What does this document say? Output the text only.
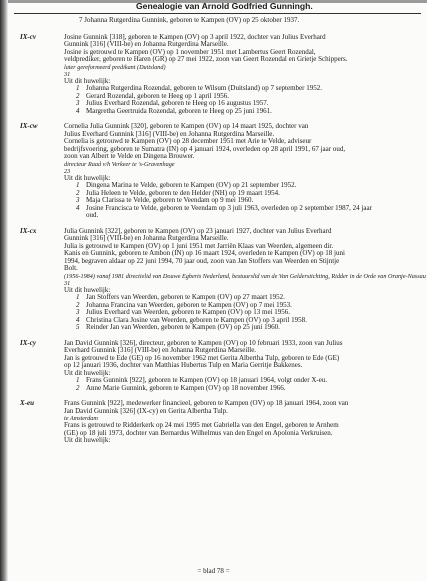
Genealogie van Arnold Godfried Gunningh.
7 Johanna Rutgerdina Gunnink, geboren te Kampen (OV) op 25 oktober 1937.
IX-cv	Josine Gunnink [318], geboren te Kampen (OV) op 3 april 1922, dochter van Julius Everhard
Gunnink [316] (VIII-be) en Johanna Rutgerdina Marseille.
Josine is getrouwd te Kampen (OV) op 1 november 1951 met Lambertus Geert Rozendal,
veldprediker, geboren te Haren (GR) op 27 mei 1922, zoon van Geert Rozendal en Grietje Schippers.
later gereformeerd predikant (Duitsland)
31
Uit dit huwelijk:
1 Johanna Rutgerdina Rozendal, geboren te Wilsum (Duitsland) op 7 september 1952.
2 Gerard Rozendal, geboren te Heeg op 1 april 1956.
3 Julius Everhard Rozendal, geboren te Heeg op 16 augustus 1957.
4 Margretha Geertruida Rozendal, geboren te Heeg op 25 juni 1961.
IX-cw	Cornelia Julia Gunnink [320], geboren te Kampen (OV) op 14 maart 1925, dochter van
Julius Everhard Gunnink [316] (VIII-be) en Johanna Rutgerdina Marseille.
Cornelia is getrouwd te Kampen (OV) op 28 december 1951 met Arie te Velde, adviseur
bedrijfsvoering, geboren te Sumatra (IN) op 4 januari 1924, overleden op 28 april 1991, 67 jaar oud,
zoon van Albert te Velde en Dingena Brouwer.
directeur Raad v/h Verkeer te 's-Gravenhage
23
Uit dit huwelijk:
1 Dingena Marina te Velde, geboren te Kampen (OV) op 21 september 1952.
2 Julia Heleen te Velde, geboren te den Helder (NH) op 19 maart 1954.
3 Maja Clarissa te Velde, geboren te Veendam op 9 mei 1960.
4 Josine Francisca te Velde, geboren te Veendam op 3 juli 1963, overleden op 2 september 1987, 24 jaar
oud.
IX-cx	Julia Gunnink [322], geboren te Kampen (OV) op 23 januari 1927, dochter van Julius Everhard
Gunnink [316] (VIII-be) en Johanna Rutgerdina Marseille.
Julia is getrouwd te Kampen (OV) op 1 juni 1951 met Jarriën Klaas van Weerden, algemeen dir.
Kanis en Gunnink, geboren te Ambon (IN) op 16 maart 1924, overleden te Kampen (OV) op 18 juni
1994, begraven aldaar op 22 juni 1994, 70 jaar oud, zoon van Jan Stoffers van Weerden en Stijntje
Bolt.
(1956-1984) vanaf 1981 directielid van Douwe Egberts Nederland, bestuurslid van de Van Gelderstichting, Ridder in de Orde van Oranje-Nassau
31
Uit dit huwelijk:
1 Jan Stoffers van Weerden, geboren te Kampen (OV) op 27 maart 1952.
2 Johanna Francina van Weerden, geboren te Kampen (OV) op 7 mei 1953.
3 Julius Everhard van Weerden, geboren te Kampen (OV) op 13 mei 1956.
4 Christina Clara Josine van Weerden, geboren te Kampen (OV) op 3 april 1958.
5 Reinder Jan van Weerden, geboren te Kampen (OV) op 25 juni 1960.
IX-cy	Jan David Gunnink [326], directeur, geboren te Kampen (OV) op 10 februari 1933, zoon van Julius
Everhard Gunnink [316] (VIII-be) en Johanna Rutgerdina Marseille.
Jan is getrouwd te Ede (GE) op 16 november 1962 met Gerita Albertha Tulp, geboren te Ede (GE)
op 12 januari 1936, dochter van Matthias Hubertus Tulp en Maria Gerritje Bakkenes.
Uit dit huwelijk:
1 Frans Gunnink [922], geboren te Kampen (OV) op 18 januari 1964, volgt onder X-eu.
2 Anne Marie Gunnink, geboren te Kampen (OV) op 18 november 1966.
X-eu	Frans Gunnink [922], medewerker financieel, geboren te Kampen (OV) op 18 januari 1964, zoon van
Jan David Gunnink [326] (IX-cy) en Gerita Albertha Tulp.
te Amsterdam
Frans is getrouwd te Ridderkerk op 24 mei 1995 met Gabriella van den Engel, geboren te Arnhem
(GE) op 18 juli 1973, dochter van Bernardus Wilhelmus van den Engel en Apolonia Verkruisen.
Uit dit huwelijk:
= blad 78 =
